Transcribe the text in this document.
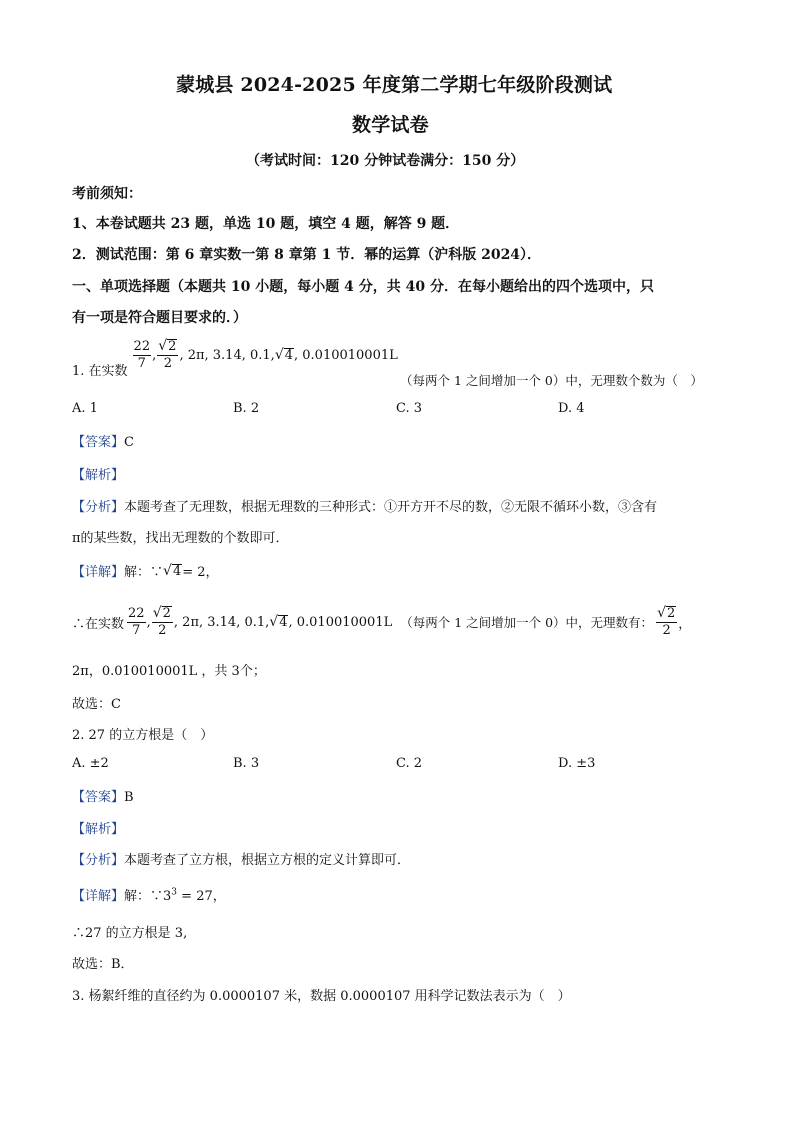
蒙城县 2024-2025 年度第二学期七年级阶段测试
数学试卷
（考试时间：120 分钟试卷满分：150 分）
考前须知：
1、本卷试题共 23 题，单选 10 题，填空 4 题，解答 9 题．
2．测试范围：第 6 章实数一第 8 章第 1 节．幂的运算（沪科版 2024）．
一、单项选择题（本题共 10 小题，每小题 4 分，共 40 分．在每小题给出的四个选项中，只
有一项是符合题目要求的．）
1. 在实数 $\frac{22}{7}$ , $\frac{√ 2}{2}$ , 2π, 3.14, 0.1, √ 4 , 0.010010001L
（每两个 1 之间增加一个 0）中，无理数个数为（　）
A. 1	B. 2	C. 3	D. 4
【答案】C
【解析】
【分析】本题考查了无理数，根据无理数的三种形式：①开方开不尽的数，②无限不循环小数，③含有
π的某些数，找出无理数的个数即可．
【详解】 解：∵ √ 4 = 2，
∴在实数 $\frac{22}{7}$ , $\frac{√ 2}{2}$ , 2π, 3.14, 0.1, √ 4 , 0.010010001L （每两个 1 之间增加一个 0）中，无理数有： $\frac{√ 2}{2}$ ，
2π，0.010010001L ，共 3个；
故选：C
2. 27 的立方根是（　）
A. ±2	B. 3	C. 2	D. ±3
【答案】B
【解析】
【分析】本题考查了立方根，根据立方根的定义计算即可．
【详解】解：$\because 3^3 = 27$，
∴27 的立方根是 3,
故选：B．
3. 杨絮纤维的直径约为 0.0000107 米，数据 0.0000107 用科学记数法表示为（　）
